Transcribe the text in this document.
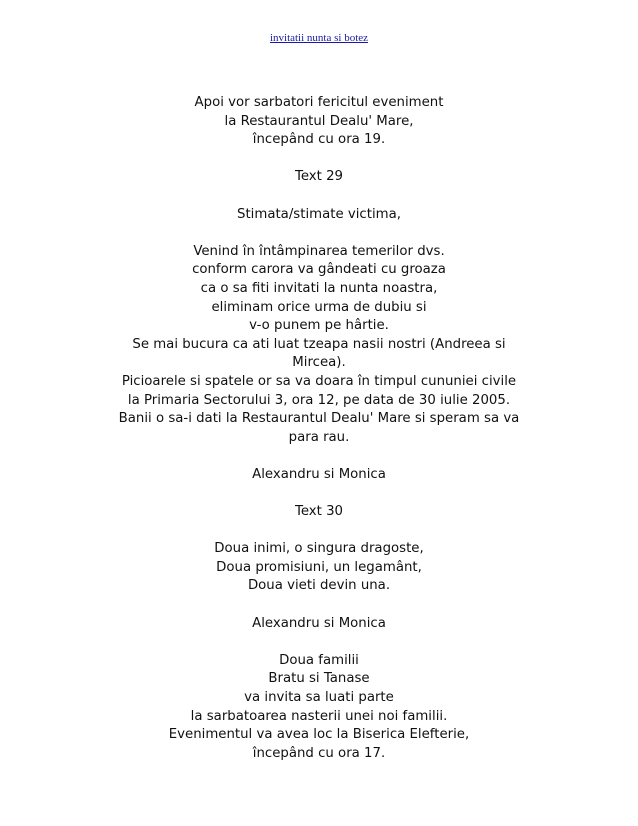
invitatii nunta si botez
Apoi vor sarbatori fericitul eveniment
la Restaurantul Dealu' Mare,
începând cu ora 19.
Text 29
Stimata/stimate victima,
Venind în întâmpinarea temerilor dvs.
conform carora va gândeati cu groaza
ca o sa fiti invitati la nunta noastra,
eliminam orice urma de dubiu si
v-o punem pe hârtie.
Se mai bucura ca ati luat tzeapa nasii nostri (Andreea si
Mircea).
Picioarele si spatele or sa va doara în timpul cununiei civile
la Primaria Sectorului 3, ora 12, pe data de 30 iulie 2005.
Banii o sa-i dati la Restaurantul Dealu' Mare si speram sa va
para rau.
Alexandru si Monica
Text 30
Doua inimi, o singura dragoste,
Doua promisiuni, un legamânt,
Doua vieti devin una.
Alexandru si Monica
Doua familii
Bratu si Tanase
va invita sa luati parte
la sarbatoarea nasterii unei noi familii.
Evenimentul va avea loc la Biserica Elefterie,
începând cu ora 17.
